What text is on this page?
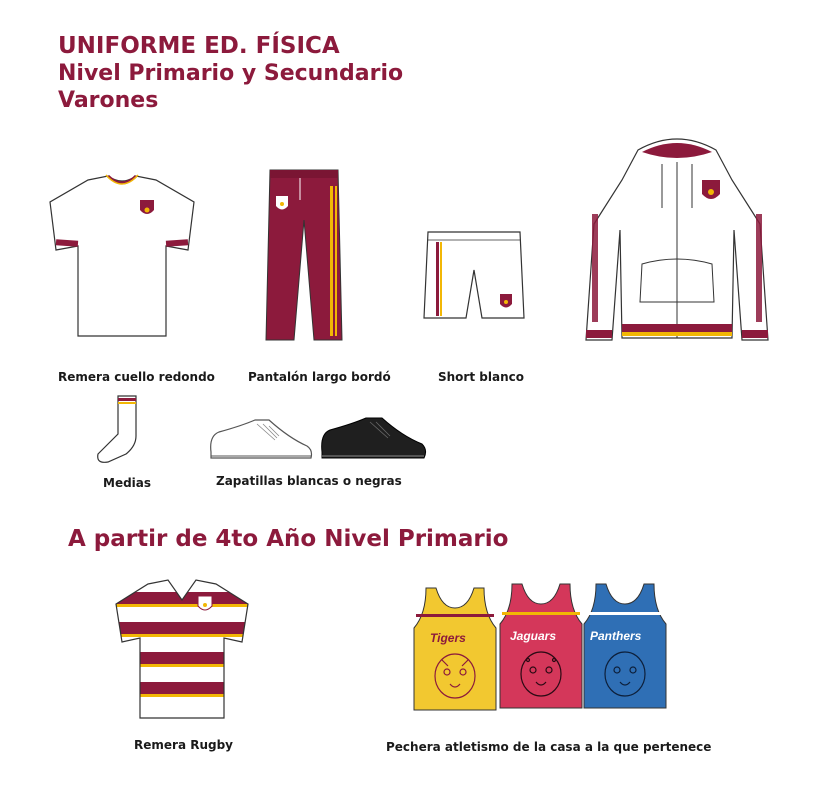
UNIFORME ED. FÍSICA
Nivel Primario y Secundario
Varones
Remera cuello redondo	Pantalón largo bordó	Short blanco
Medias	Zapatillas blancas o negras
A partir de 4to Año Nivel Primario
Remera Rugby
Tigers	Jaguars	Panthers
Pechera atletismo de la casa a la que pertenece
